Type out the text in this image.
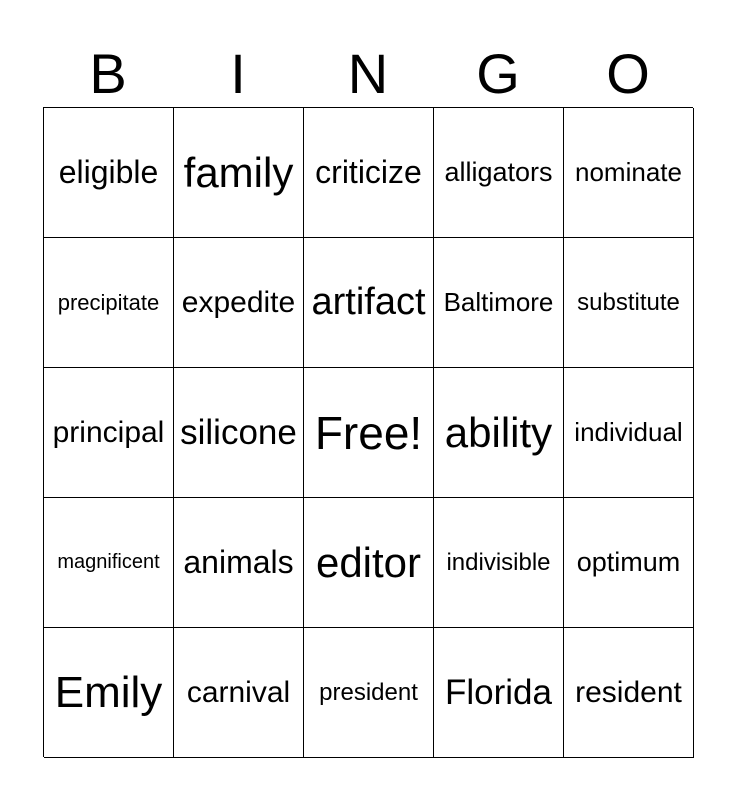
B	I	N	G	O
eligible family criticize alligators nominate
precipitate expedite artifact Baltimore substitute
principal silicone Free! ability individual
magnificent animals editor	indivisible optimum
Emily carnival	president Florida resident
